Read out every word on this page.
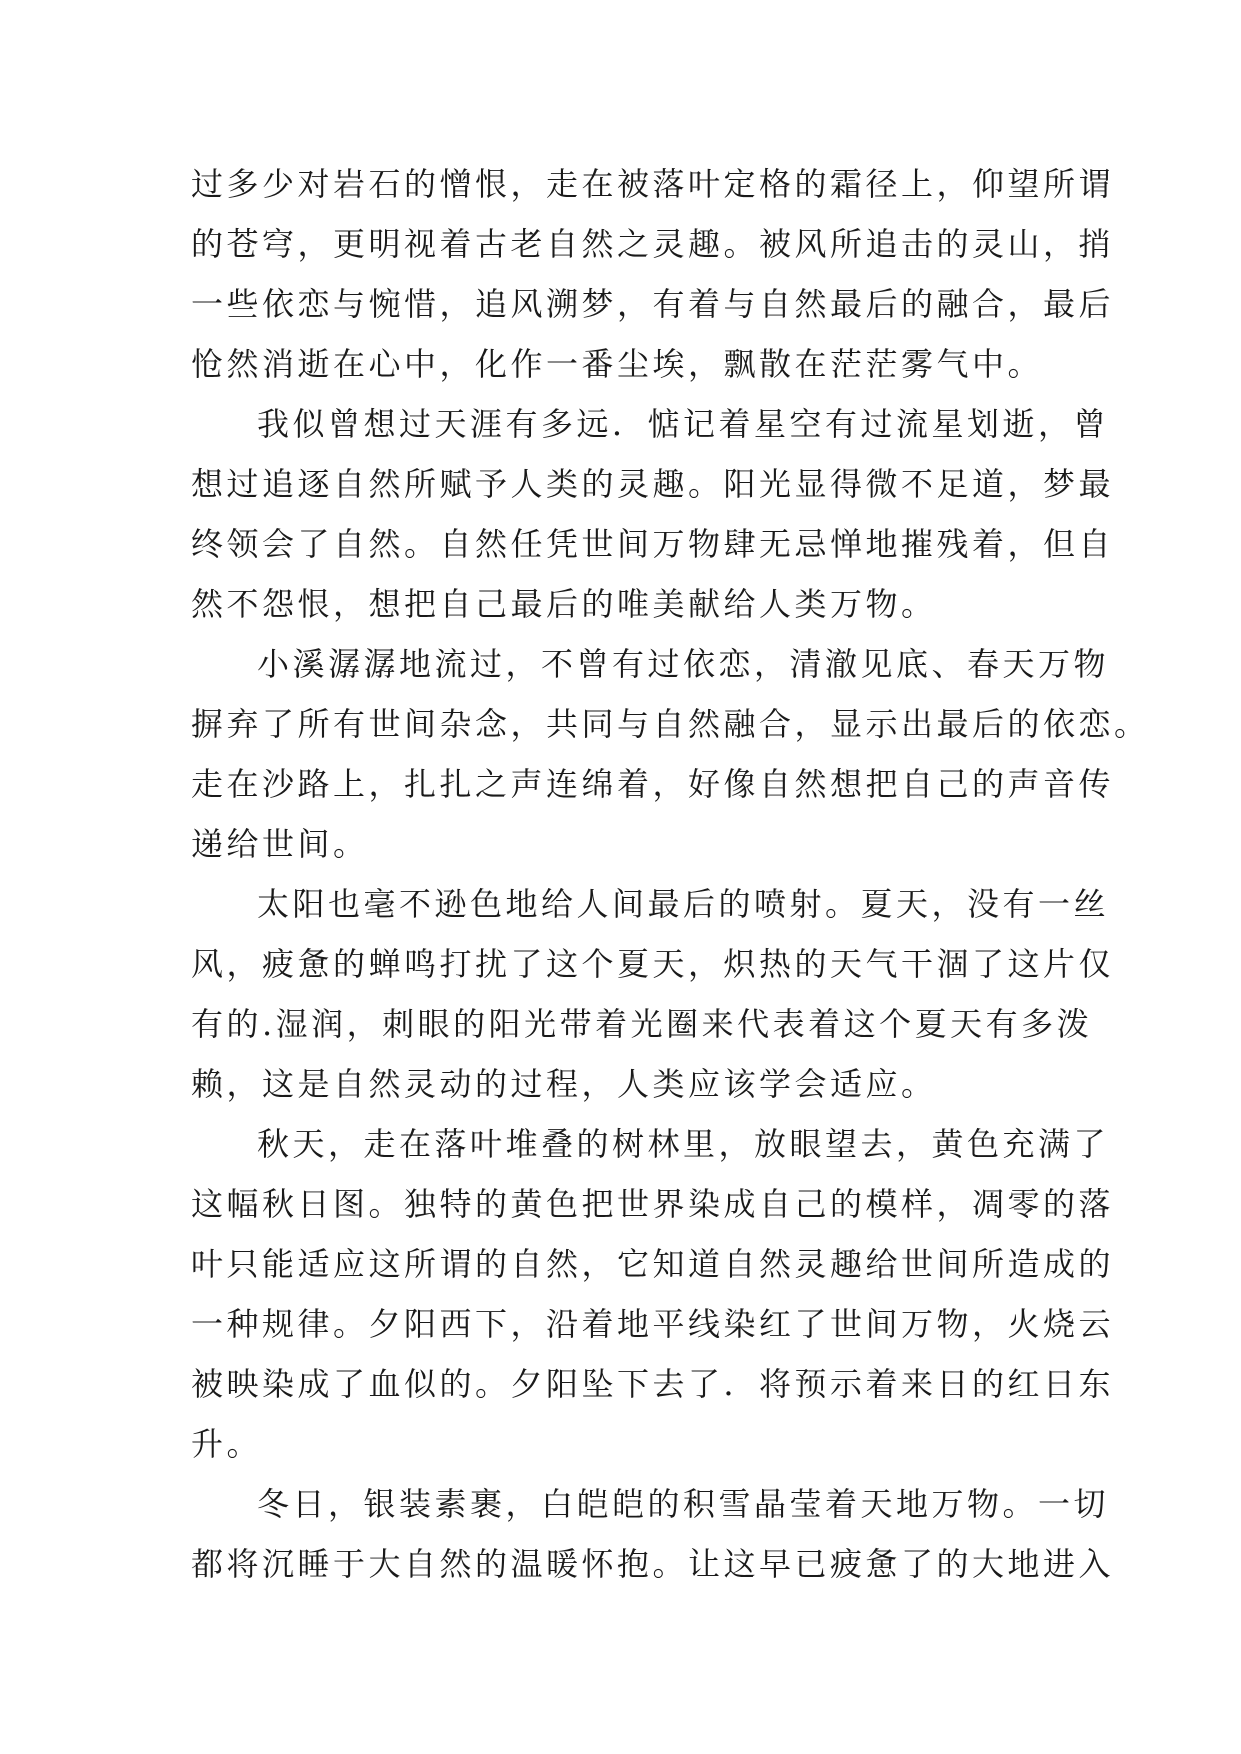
过多少对岩石的憎恨，走在被落叶定格的霜径上，仰望所谓
的苍穹，更明视着古老自然之灵趣。被风所追击的灵山，捎
一些依恋与惋惜，追风溯梦，有着与自然最后的融合，最后
怆然消逝在心中，化作一番尘埃，飘散在茫茫雾气中。
我似曾想过天涯有多远．惦记着星空有过流星划逝，曾
想过追逐自然所赋予人类的灵趣。阳光显得微不足道，梦最
终领会了自然。自然任凭世间万物肆无忌惮地摧残着，但自
然不怨恨，想把自己最后的唯美献给人类万物。
小溪潺潺地流过，不曾有过依恋，清澈见底、春天万物
摒弃了所有世间杂念，共同与自然融合，显示出最后的依恋。
走在沙路上，扎扎之声连绵着，好像自然想把自己的声音传
递给世间。
太阳也毫不逊色地给人间最后的喷射。夏天，没有一丝
风，疲惫的蝉鸣打扰了这个夏天，炽热的天气干涸了这片仅
有的.湿润，刺眼的阳光带着光圈来代表着这个夏天有多泼
赖，这是自然灵动的过程，人类应该学会适应。
秋天，走在落叶堆叠的树林里，放眼望去，黄色充满了
这幅秋日图。独特的黄色把世界染成自己的模样，凋零的落
叶只能适应这所谓的自然，它知道自然灵趣给世间所造成的
一种规律。夕阳西下，沿着地平线染红了世间万物，火烧云
被映染成了血似的。夕阳坠下去了．将预示着来日的红日东
升。
冬日，银装素裹，白皑皑的积雪晶莹着天地万物。一切
都将沉睡于大自然的温暖怀抱。让这早已疲惫了的大地进入
